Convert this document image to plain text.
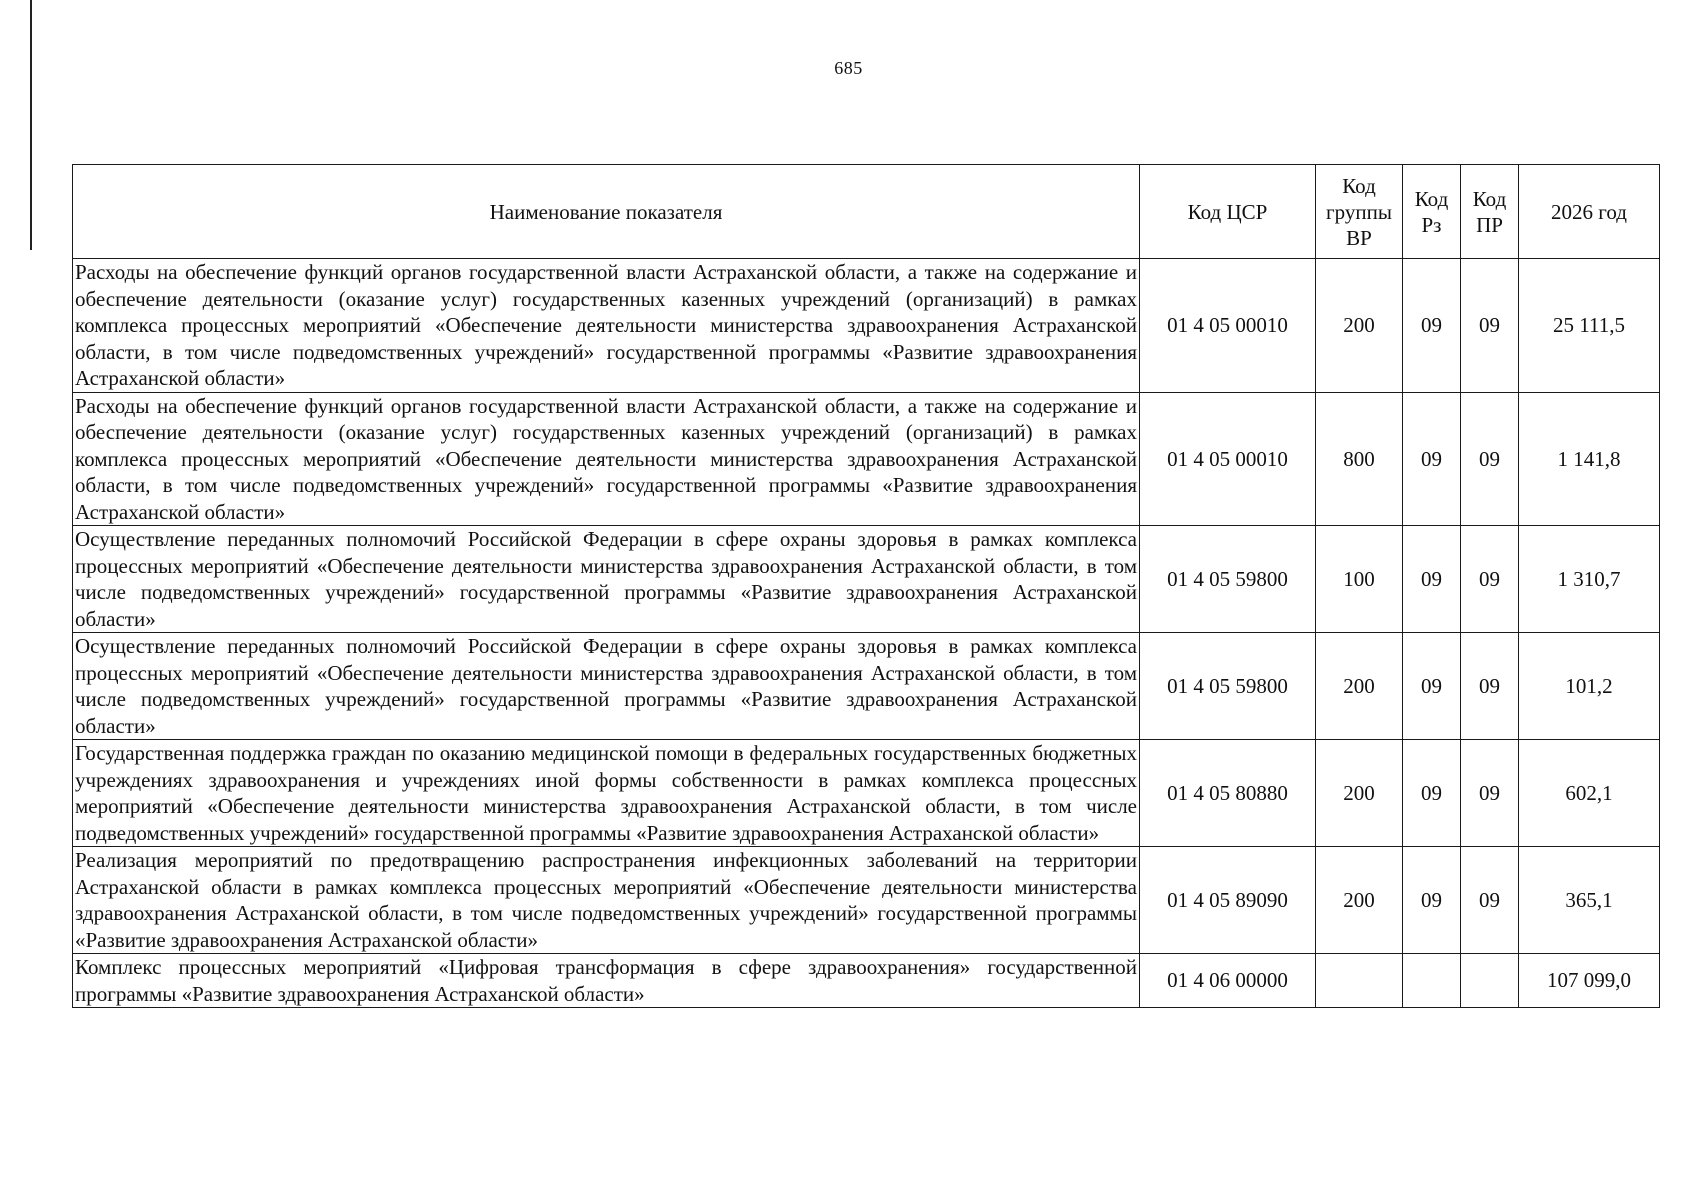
685
Наименование показателя	Код ЦСР	Код группы ВР	Код Рз	Код ПР	2026 год
Расходы на обеспечение функций органов государственной власти Астраханской области, а также на содержание и обеспечение деятельности (оказание услуг) государственных казенных учреждений (организаций) в рамках комплекса процессных мероприятий «Обеспечение деятельности министерства здравоохранения Астраханской области, в том числе подведомственных учреждений» государственной программы «Развитие здравоохранения Астраханской области»	01 4 05 00010	200	09	09	25 111,5
Расходы на обеспечение функций органов государственной власти Астраханской области, а также на содержание и обеспечение деятельности (оказание услуг) государственных казенных учреждений (организаций) в рамках комплекса процессных мероприятий «Обеспечение деятельности министерства здравоохранения Астраханской области, в том числе подведомственных учреждений» государственной программы «Развитие здравоохранения Астраханской области»	01 4 05 00010	800	09	09	1 141,8
Осуществление переданных полномочий Российской Федерации в сфере охраны здоровья в рамках комплекса процессных мероприятий «Обеспечение деятельности министерства здравоохранения Астраханской области, в том числе подведомственных учреждений» государственной программы «Развитие здравоохранения Астраханской области»	01 4 05 59800	100	09	09	1 310,7
Осуществление переданных полномочий Российской Федерации в сфере охраны здоровья в рамках комплекса процессных мероприятий «Обеспечение деятельности министерства здравоохранения Астраханской области, в том числе подведомственных учреждений» государственной программы «Развитие здравоохранения Астраханской области»	01 4 05 59800	200	09	09	101,2
Государственная поддержка граждан по оказанию медицинской помощи в федеральных государственных бюджетных учреждениях здравоохранения и учреждениях иной формы собственности в рамках комплекса процессных мероприятий «Обеспечение деятельности министерства здравоохранения Астраханской области, в том числе подведомственных учреждений» государственной программы «Развитие здравоохранения Астраханской области»	01 4 05 80880	200	09	09	602,1
Реализация мероприятий по предотвращению распространения инфекционных заболеваний на территории Астраханской области в рамках комплекса процессных мероприятий «Обеспечение деятельности министерства здравоохранения Астраханской области, в том числе подведомственных учреждений» государственной программы «Развитие здравоохранения Астраханской области»	01 4 05 89090	200	09	09	365,1
Комплекс процессных мероприятий «Цифровая трансформация в сфере здравоохранения» государственной программы «Развитие здравоохранения Астраханской области»	01 4 06 00000				107 099,0
